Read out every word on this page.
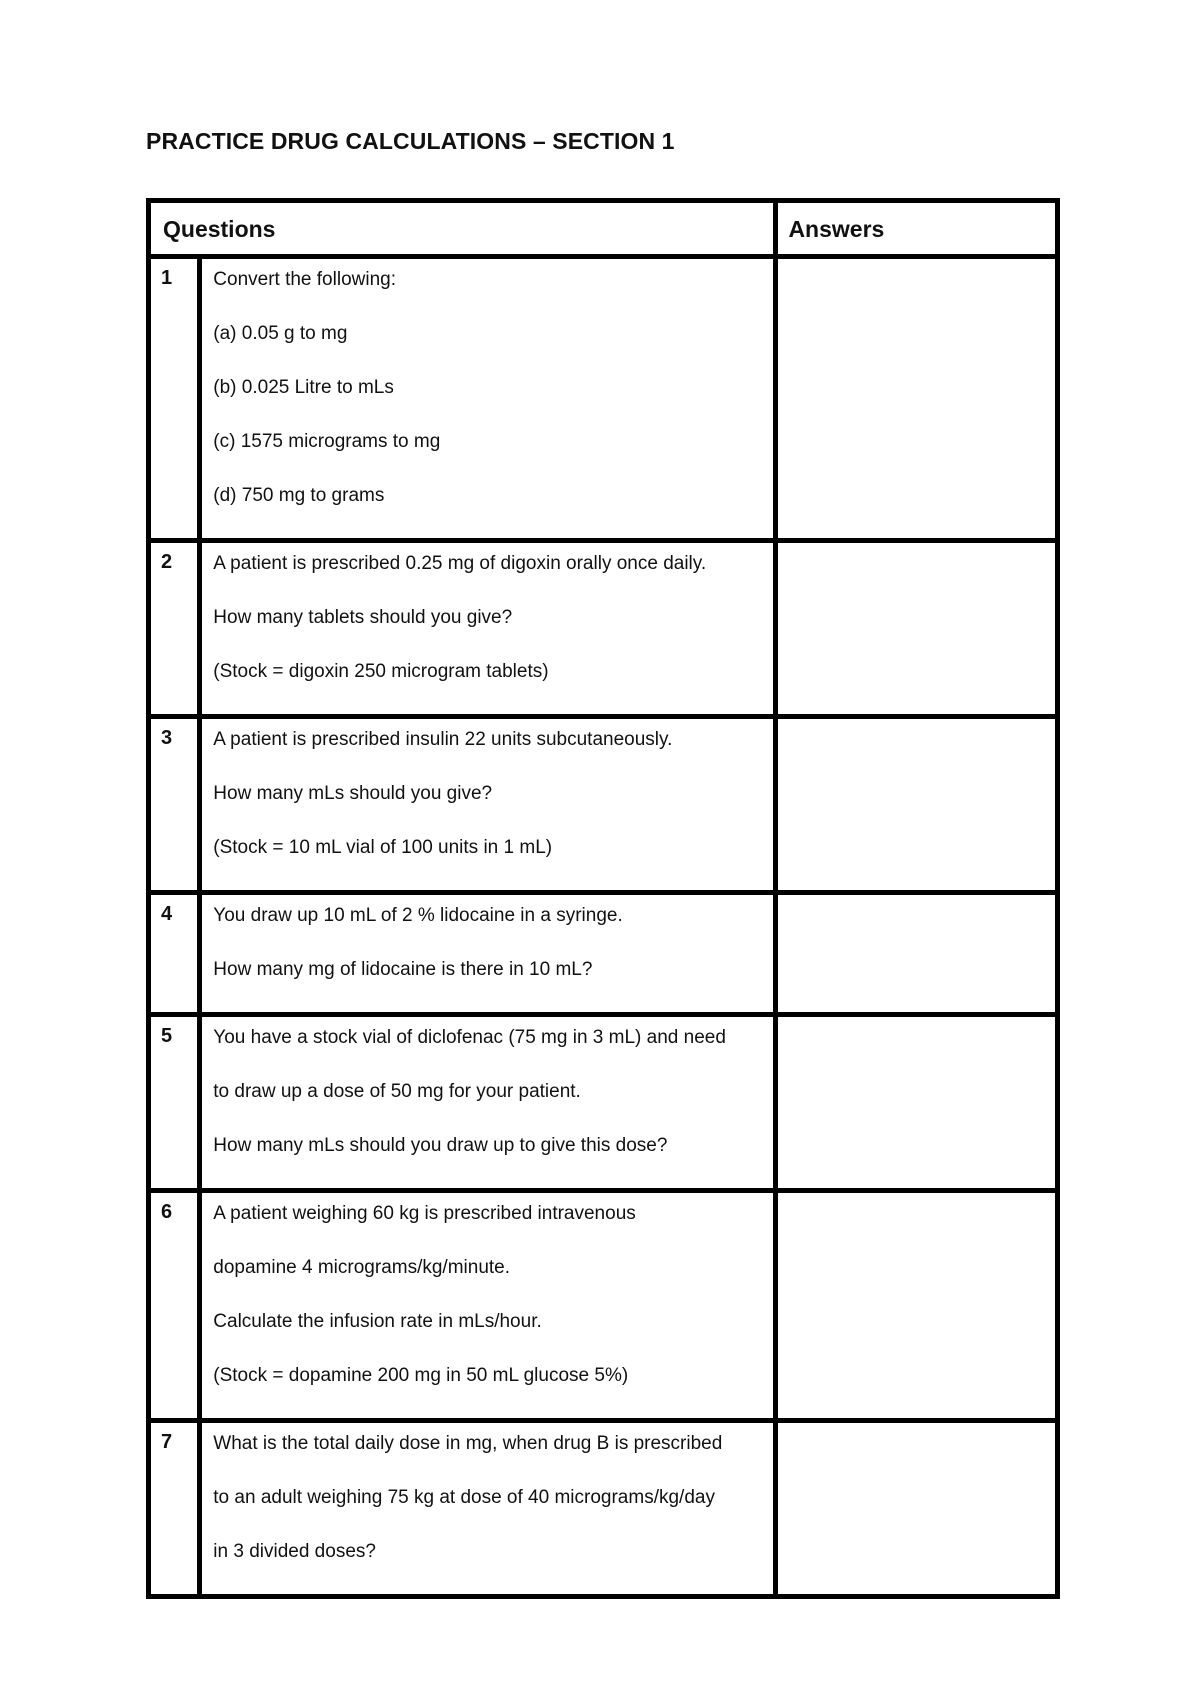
PRACTICE DRUG CALCULATIONS – SECTION 1
Questions		Answers
1	Convert the following:
(a) 0.05 g to mg
(b) 0.025 Litre to mLs
(c) 1575 micrograms to mg
(d) 750 mg to grams	

2	A patient is prescribed 0.25 mg of digoxin orally once daily.
How many tablets should you give?
(Stock = digoxin 250 microgram tablets)	

3	A patient is prescribed insulin 22 units subcutaneously.
How many mLs should you give?
(Stock = 10 mL vial of 100 units in 1 mL)	

4	You draw up 10 mL of 2 % lidocaine in a syringe.
How many mg of lidocaine is there in 10 mL?	

5	You have a stock vial of diclofenac (75 mg in 3 mL) and need
to draw up a dose of 50 mg for your patient.
How many mLs should you draw up to give this dose?	

6	A patient weighing 60 kg is prescribed intravenous
dopamine 4 micrograms/kg/minute.
Calculate the infusion rate in mLs/hour.
(Stock = dopamine 200 mg in 50 mL glucose 5%)	

7	What is the total daily dose in mg, when drug B is prescribed
to an adult weighing 75 kg at dose of 40 micrograms/kg/day
in 3 divided doses?	
